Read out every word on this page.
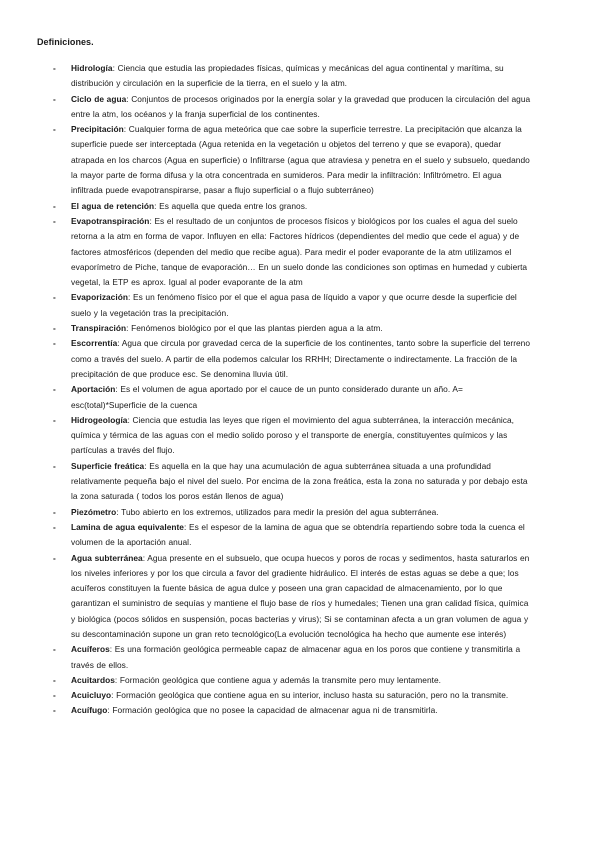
Definiciones.
- Hidrología: Ciencia que estudia las propiedades físicas, químicas y mecánicas del agua continental y marítima, su distribución y circulación en la superficie de la tierra, en el suelo y la atm.

- Ciclo de agua: Conjuntos de procesos originados por la energía solar y la gravedad que producen la circulación del agua entre la atm, los océanos y la franja superficial de los continentes.

- Precipitación: Cualquier forma de agua meteórica que cae sobre la superficie terrestre. La precipitación que alcanza la superficie puede ser interceptada (Agua retenida en la vegetación u objetos del terreno y que se evapora), quedar atrapada en los charcos (Agua en superficie) o Infiltrarse (agua que atraviesa y penetra en el suelo y subsuelo, quedando la mayor parte de forma difusa y la otra concentrada en sumideros. Para medir la infiltración: Infiltrómetro. El agua infiltrada puede evapotranspirarse, pasar a flujo superficial o a flujo subterráneo)

- El agua de retención: Es aquella que queda entre los granos.

- Evapotranspiración: Es el resultado de un conjuntos de procesos físicos y biológicos por los cuales el agua del suelo retorna a la atm en forma de vapor. Influyen en ella: Factores hídricos (dependientes del medio que cede el agua) y de factores atmosféricos (dependen del medio que recibe agua). Para medir el poder evaporante de la atm utilizamos el evaporímetro de Piche, tanque de evaporación… En un suelo donde las condiciones son optimas en humedad y cubierta vegetal, la ETP es aprox. Igual al poder evaporante de la atm

- Evaporización: Es un fenómeno físico por el que el agua pasa de líquido a vapor y que ocurre desde la superficie del suelo y la vegetación tras la precipitación.

- Transpiración: Fenómenos biológico por el que las plantas pierden agua a la atm.

- Escorrentía: Agua que circula por gravedad cerca de la superficie de los continentes, tanto sobre la superficie del terreno como a través del suelo. A partir de ella podemos calcular los RRHH; Directamente o indirectamente. La fracción de la precipitación de que produce esc. Se denomina lluvia útil.

- Aportación: Es el volumen de agua aportado por el cauce de un punto considerado durante un año. A= esc(total)*Superficie de la cuenca

- Hidrogeología: Ciencia que estudia las leyes que rigen el movimiento del agua subterránea, la interacción mecánica, química y térmica de las aguas con el medio solido poroso y el transporte de energía, constituyentes químicos y las partículas a través del flujo.

- Superficie freática: Es aquella en la que hay una acumulación de agua subterránea situada a una profundidad relativamente pequeña bajo el nivel del suelo. Por encima de la zona freática, esta la zona no saturada y por debajo esta la zona saturada ( todos los poros están llenos de agua)

- Piezómetro: Tubo abierto en los extremos, utilizados para medir la presión del agua subterránea.

- Lamina de agua equivalente: Es el espesor de la lamina de agua que se obtendría repartiendo sobre toda la cuenca el volumen de la aportación anual.

- Agua subterránea: Agua presente en el subsuelo, que ocupa huecos y poros de rocas y sedimentos, hasta saturarlos en los niveles inferiores y por los que circula a favor del gradiente hidráulico. El interés de estas aguas se debe a que; los acuíferos constituyen la fuente básica de agua dulce y poseen una gran capacidad de almacenamiento, por lo que garantizan el suministro de sequías y mantiene el flujo base de ríos y humedales; Tienen una gran calidad física, química y biológica (pocos sólidos en suspensión, pocas bacterias y virus); Si se contaminan afecta a un gran volumen de agua y su descontaminación supone un gran reto tecnológico(La evolución tecnológica ha hecho que aumente ese interés)

- Acuíferos: Es una formación geológica permeable capaz de almacenar agua en los poros que contiene y transmitirla a través de ellos.

- Acuitardos: Formación geológica que contiene agua y además la transmite pero muy lentamente.

- Acuicluyo: Formación geológica que contiene agua en su interior, incluso hasta su saturación, pero no la transmite.

- Acuífugo: Formación geológica que no posee la capacidad de almacenar agua ni de transmitirla.
